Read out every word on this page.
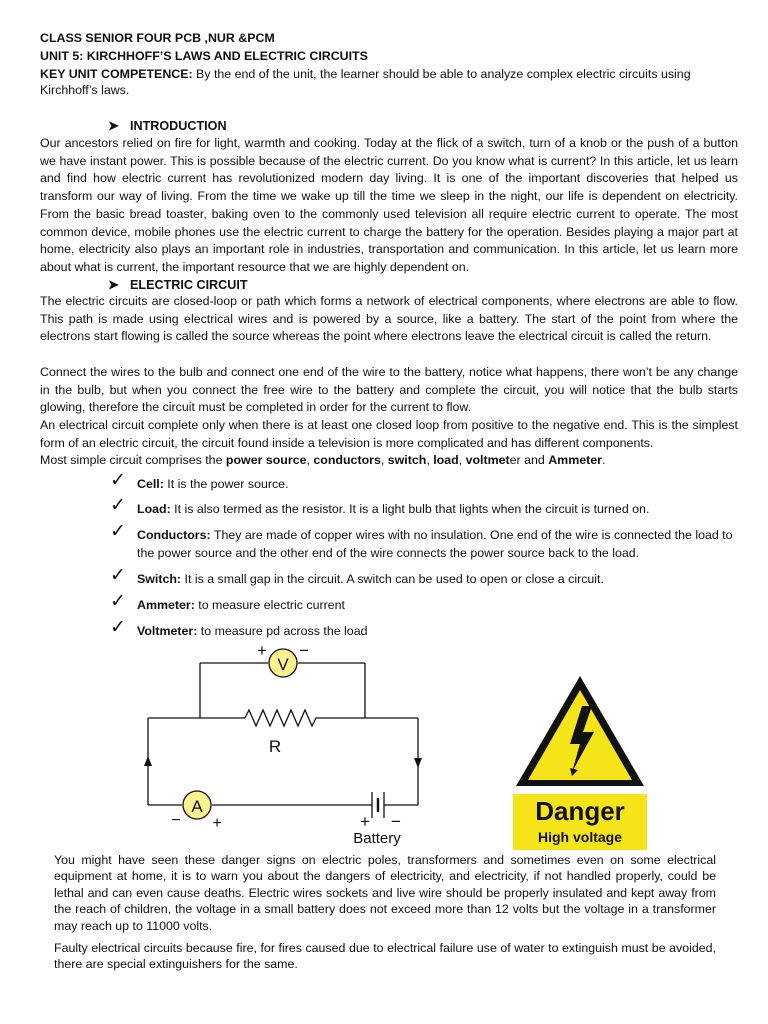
CLASS SENIOR FOUR PCB ,NUR &PCM
UNIT 5: KIRCHHOFF’S LAWS AND ELECTRIC CIRCUITS
KEY UNIT COMPETENCE: By the end of the unit, the learner should be able to analyze complex electric circuits using
Kirchhoff’s laws.
➤ INTRODUCTION

Our ancestors relied on fire for light, warmth and cooking. Today at the flick of a switch, turn of a knob or the push of a button we have instant power. This is possible because of the electric current. Do you know what is current? In this article, let us learn and find how electric current has revolutionized modern day living. It is one of the important discoveries that helped us transform our way of living. From the time we wake up till the time we sleep in the night, our life is dependent on electricity. From the basic bread toaster, baking oven to the commonly used television all require electric current to operate. The most common device, mobile phones use the electric current to charge the battery for the operation. Besides playing a major part at home, electricity also plays an important role in industries, transportation and communication. In this article, let us learn more about what is current, the important resource that we are highly dependent on.

➤ ELECTRIC CIRCUIT

The electric circuits are closed-loop or path which forms a network of electrical components, where electrons are able to flow. This path is made using electrical wires and is powered by a source, like a battery. The start of the point from where the electrons start flowing is called the source whereas the point where electrons leave the electrical circuit is called the return.

Connect the wires to the bulb and connect one end of the wire to the battery, notice what happens, there won’t be any change in the bulb, but when you connect the free wire to the battery and complete the circuit, you will notice that the bulb starts glowing, therefore the circuit must be completed in order for the current to flow.

An electrical circuit complete only when there is at least one closed loop from positive to the negative end. This is the simplest form of an electric circuit, the circuit found inside a television is more complicated and has different components.

Most simple circuit comprises the power source, conductors, switch, load, voltmeter and Ammeter.

✓ Cell: It is the power source.
✓ Load: It is also termed as the resistor. It is a light bulb that lights when the circuit is turned on.
✓ Conductors: They are made of copper wires with no insulation. One end of the wire is connected the load to the power source and the other end of the wire connects the power source back to the load.
✓ Switch: It is a small gap in the circuit. A switch can be used to open or close a circuit.
✓ Ammeter: to measure electric current
✓ Voltmeter: to measure pd across the load
R
V
+ −
A
− +	+ −
Battery
Danger
High voltage

You might have seen these danger signs on electric poles, transformers and sometimes even on some electrical equipment at home, it is to warn you about the dangers of electricity, and electricity, if not handled properly, could be lethal and can even cause deaths. Electric wires sockets and live wire should be properly insulated and kept away from the reach of children, the voltage in a small battery does not exceed more than 12 volts but the voltage in a transformer may reach up to 11000 volts.

Faulty electrical circuits because fire, for fires caused due to electrical failure use of water to extinguish must be avoided, there are special extinguishers for the same.
